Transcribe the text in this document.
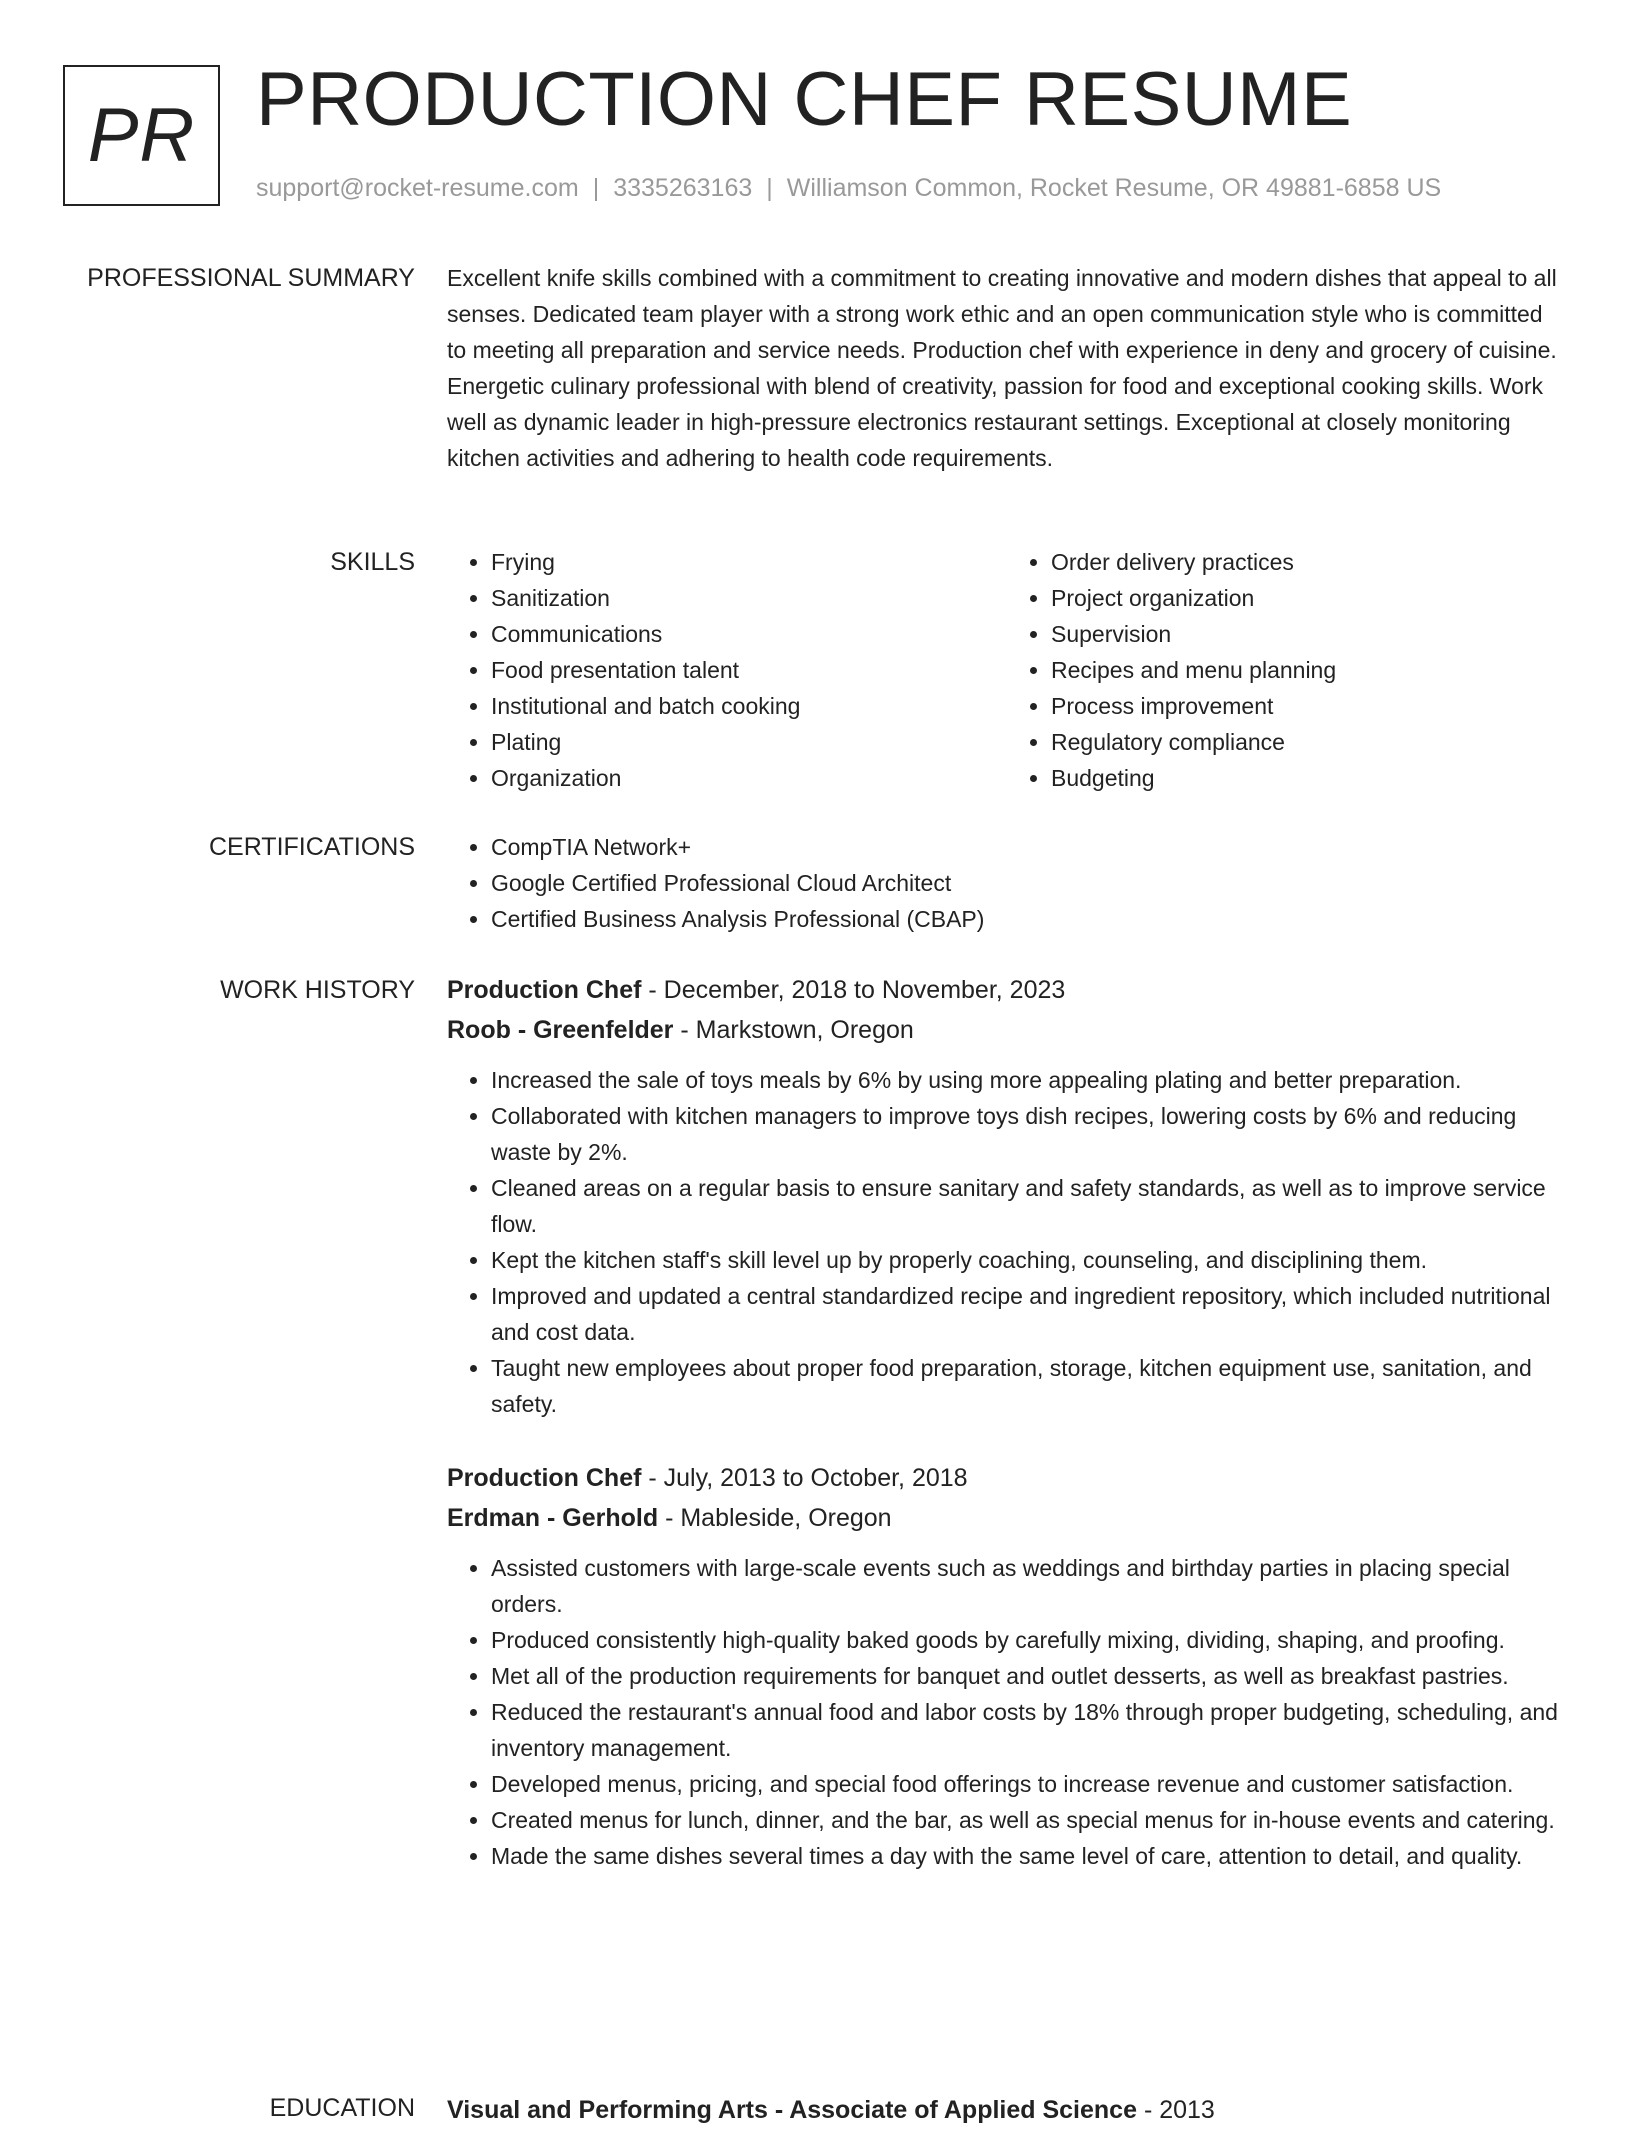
PR PRODUCTION CHEF RESUME
support@rocket-resume.com | 3335263163 | Williamson Common, Rocket Resume, OR 49881-6858 US
PROFESSIONAL SUMMARY Excellent knife skills combined with a commitment to creating innovative and modern dishes that appeal to all senses. Dedicated team player with a strong work ethic and an open communication style who is committed to meeting all preparation and service needs. Production chef with experience in deny and grocery of cuisine. Energetic culinary professional with blend of creativity, passion for food and exceptional cooking skills. Work well as dynamic leader in high-pressure electronics restaurant settings. Exceptional at closely monitoring kitchen activities and adhering to health code requirements.

SKILLS	• Frying
• Sanitization
• Communications
• Food presentation talent
• Institutional and batch cooking
• Plating
• Organization
• Order delivery practices
• Project organization
• Supervision
• Recipes and menu planning
• Process improvement
• Regulatory compliance
• Budgeting
CERTIFICATIONS	• CompTIA Network+
• Google Certified Professional Cloud Architect
• Certified Business Analysis Professional (CBAP)
WORK HISTORY Production Chef - December, 2018 to November, 2023
Roob - Greenfelder - Markstown, Oregon
• Increased the sale of toys meals by 6% by using more appealing plating and better preparation.
• Collaborated with kitchen managers to improve toys dish recipes, lowering costs by 6% and reducing waste by 2%.
• Cleaned areas on a regular basis to ensure sanitary and safety standards, as well as to improve service flow.
• Kept the kitchen staff's skill level up by properly coaching, counseling, and disciplining them.
• Improved and updated a central standardized recipe and ingredient repository, which included nutritional and cost data.
• Taught new employees about proper food preparation, storage, kitchen equipment use, sanitation, and safety.
Production Chef - July, 2013 to October, 2018
Erdman - Gerhold - Mableside, Oregon
• Assisted customers with large-scale events such as weddings and birthday parties in placing special orders.
• Produced consistently high-quality baked goods by carefully mixing, dividing, shaping, and proofing.
• Met all of the production requirements for banquet and outlet desserts, as well as breakfast pastries.
• Reduced the restaurant's annual food and labor costs by 18% through proper budgeting, scheduling, and inventory management.
• Developed menus, pricing, and special food offerings to increase revenue and customer satisfaction.
• Created menus for lunch, dinner, and the bar, as well as special menus for in-house events and catering.
• Made the same dishes several times a day with the same level of care, attention to detail, and quality.
EDUCATION Visual and Performing Arts - Associate of Applied Science - 2013
